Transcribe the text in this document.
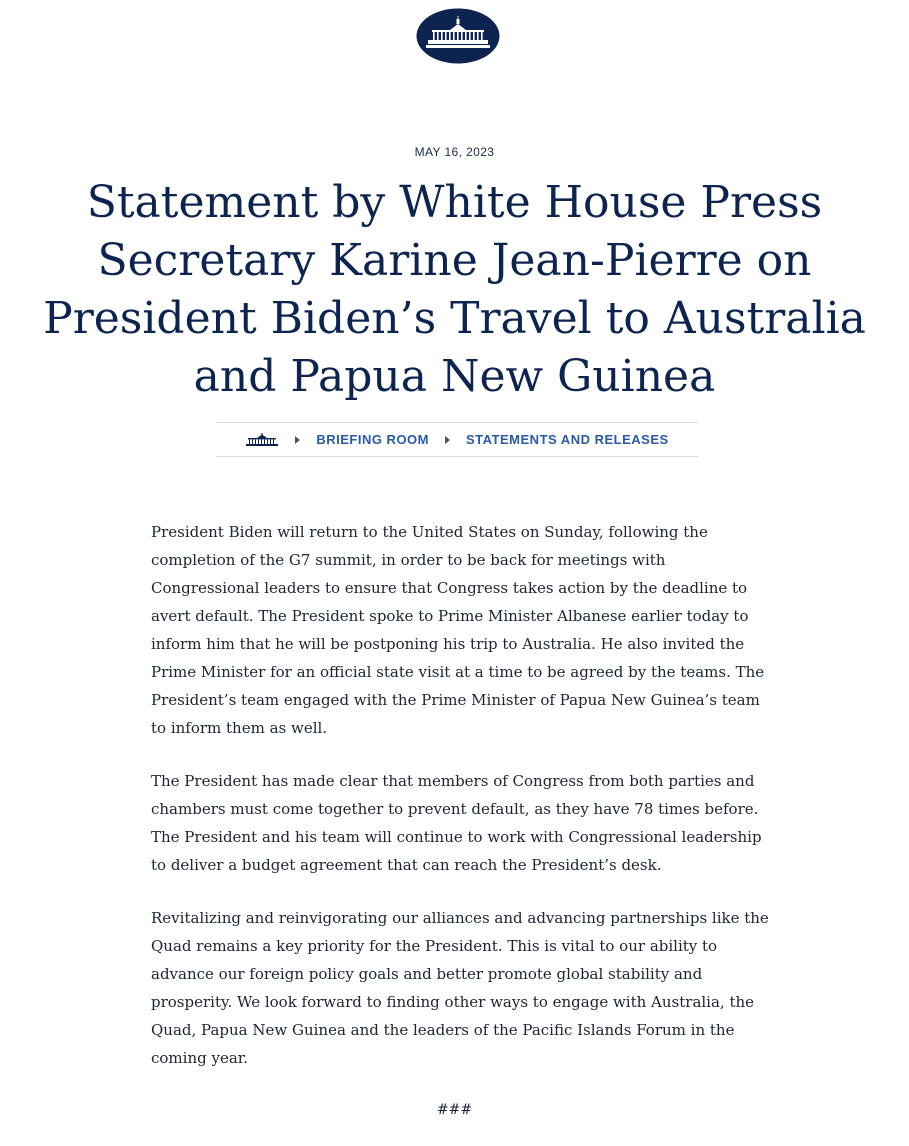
MAY 16, 2023
Statement by White House Press Secretary Karine Jean-Pierre on President Biden’s Travel to Australia and Papua New Guinea
BRIEFING ROOM	STATEMENTS AND RELEASES

President Biden will return to the United States on Sunday, following the completion of the G7 summit, in order to be back for meetings with Congressional leaders to ensure that Congress takes action by the deadline to avert default. The President spoke to Prime Minister Albanese earlier today to inform him that he will be postponing his trip to Australia. He also invited the Prime Minister for an official state visit at a time to be agreed by the teams. The President’s team engaged with the Prime Minister of Papua New Guinea’s team to inform them as well.

The President has made clear that members of Congress from both parties and chambers must come together to prevent default, as they have 78 times before. The President and his team will continue to work with Congressional leadership to deliver a budget agreement that can reach the President’s desk.

Revitalizing and reinvigorating our alliances and advancing partnerships like the Quad remains a key priority for the President. This is vital to our ability to advance our foreign policy goals and better promote global stability and prosperity. We look forward to finding other ways to engage with Australia, the Quad, Papua New Guinea and the leaders of the Pacific Islands Forum in the coming year.

###
